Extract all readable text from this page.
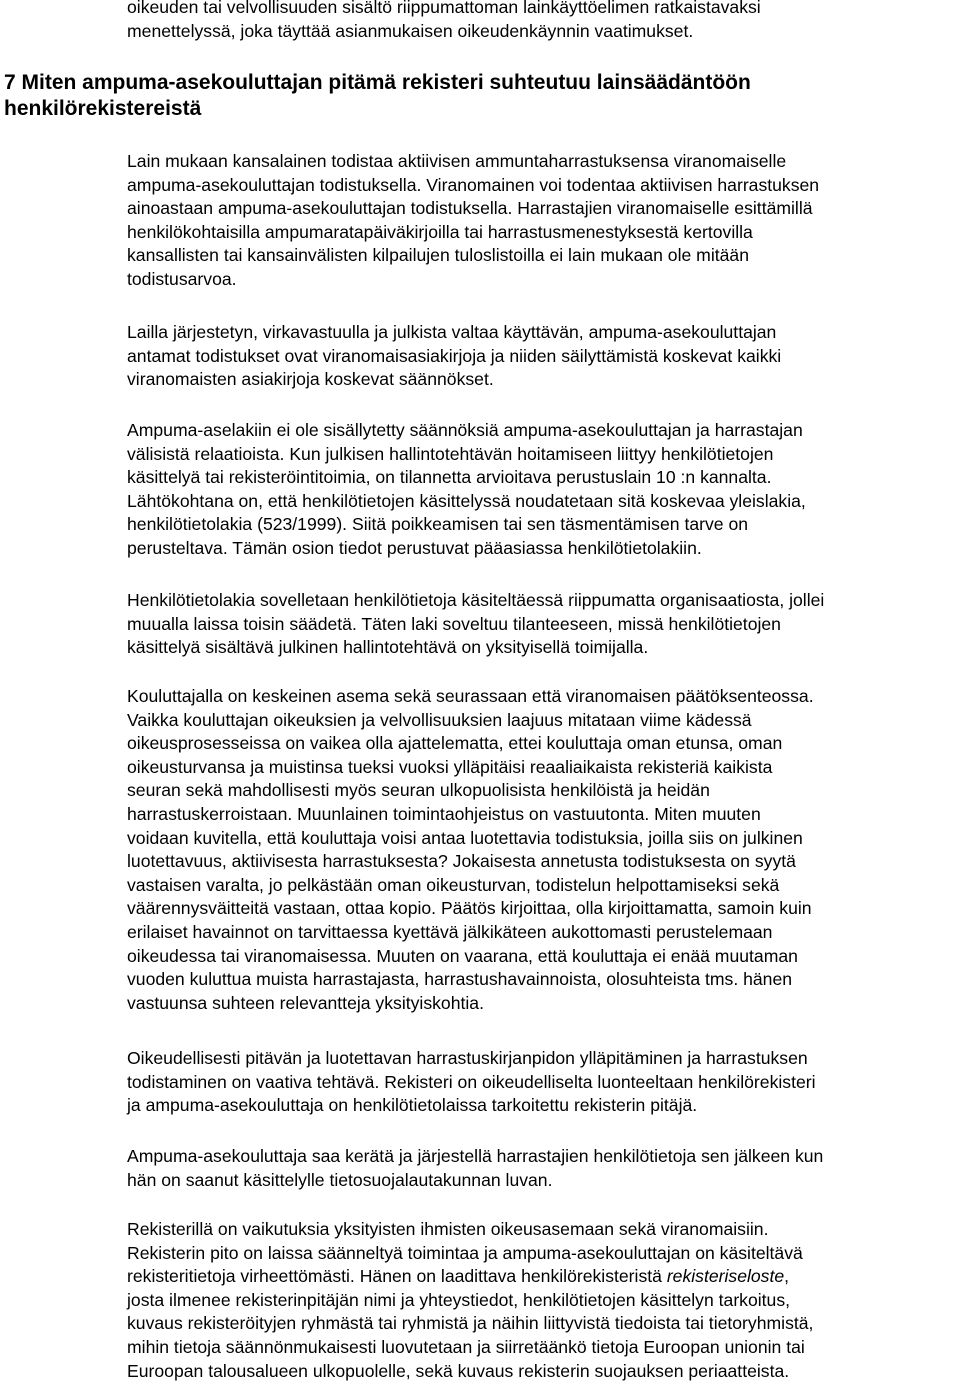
oikeuden tai velvollisuuden sisältö riippumattoman lainkäyttöelimen ratkaistavaksi
menettelyssä, joka täyttää asianmukaisen oikeudenkäynnin vaatimukset.
7 Miten ampuma-asekouluttajan pitämä rekisteri suhteutuu lainsäädäntöön
henkilörekistereistä
Lain mukaan kansalainen todistaa aktiivisen ammuntaharrastuksensa viranomaiselle
ampuma-asekouluttajan todistuksella. Viranomainen voi todentaa aktiivisen harrastuksen
ainoastaan ampuma-asekouluttajan todistuksella. Harrastajien viranomaiselle esittämillä
henkilökohtaisilla ampumaratapäiväkirjoilla tai harrastusmenestyksestä kertovilla
kansallisten tai kansainvälisten kilpailujen tuloslistoilla ei lain mukaan ole mitään
todistusarvoa.
Lailla järjestetyn, virkavastuulla ja julkista valtaa käyttävän, ampuma-asekouluttajan
antamat todistukset ovat viranomaisasiakirjoja ja niiden säilyttämistä koskevat kaikki
viranomaisten asiakirjoja koskevat säännökset.
Ampuma-aselakiin ei ole sisällytetty säännöksiä ampuma-asekouluttajan ja harrastajan
välisistä relaatioista. Kun julkisen hallintotehtävän hoitamiseen liittyy henkilötietojen
käsittelyä tai rekisteröintitoimia, on tilannetta arvioitava perustuslain 10 :n kannalta.
Lähtökohtana on, että henkilötietojen käsittelyssä noudatetaan sitä koskevaa yleislakia,
henkilötietolakia (523/1999). Siitä poikkeamisen tai sen täsmentämisen tarve on
perusteltava. Tämän osion tiedot perustuvat pääasiassa henkilötietolakiin.
Henkilötietolakia sovelletaan henkilötietoja käsiteltäessä riippumatta organisaatiosta, jollei
muualla laissa toisin säädetä. Täten laki soveltuu tilanteeseen, missä henkilötietojen
käsittelyä sisältävä julkinen hallintotehtävä on yksityisellä toimijalla.
Kouluttajalla on keskeinen asema sekä seurassaan että viranomaisen päätöksenteossa.
Vaikka kouluttajan oikeuksien ja velvollisuuksien laajuus mitataan viime kädessä
oikeusprosesseissa on vaikea olla ajattelematta, ettei kouluttaja oman etunsa, oman
oikeusturvansa ja muistinsa tueksi vuoksi ylläpitäisi reaaliaikaista rekisteriä kaikista
seuran sekä mahdollisesti myös seuran ulkopuolisista henkilöistä ja heidän
harrastuskerroistaan. Muunlainen toimintaohjeistus on vastuutonta. Miten muuten
voidaan kuvitella, että kouluttaja voisi antaa luotettavia todistuksia, joilla siis on julkinen
luotettavuus, aktiivisesta harrastuksesta? Jokaisesta annetusta todistuksesta on syytä
vastaisen varalta, jo pelkästään oman oikeusturvan, todistelun helpottamiseksi sekä
väärennysväitteitä vastaan, ottaa kopio. Päätös kirjoittaa, olla kirjoittamatta, samoin kuin
erilaiset havainnot on tarvittaessa kyettävä jälkikäteen aukottomasti perustelemaan
oikeudessa tai viranomaisessa. Muuten on vaarana, että kouluttaja ei enää muutaman
vuoden kuluttua muista harrastajasta, harrastushavainnoista, olosuhteista tms. hänen
vastuunsa suhteen relevantteja yksityiskohtia.
Oikeudellisesti pitävän ja luotettavan harrastuskirjanpidon ylläpitäminen ja harrastuksen
todistaminen on vaativa tehtävä. Rekisteri on oikeudelliselta luonteeltaan henkilörekisteri
ja ampuma-asekouluttaja on henkilötietolaissa tarkoitettu rekisterin pitäjä.
Ampuma-asekouluttaja saa kerätä ja järjestellä harrastajien henkilötietoja sen jälkeen kun
hän on saanut käsittelylle tietosuojalautakunnan luvan.
Rekisterillä on vaikutuksia yksityisten ihmisten oikeusasemaan sekä viranomaisiin.
Rekisterin pito on laissa säänneltyä toimintaa ja ampuma-asekouluttajan on käsiteltävä
rekisteritietoja virheettömästi. Hänen on laadittava henkilörekisteristä rekisteriseloste,
josta ilmenee rekisterinpitäjän nimi ja yhteystiedot, henkilötietojen käsittelyn tarkoitus,
kuvaus rekisteröityjen ryhmästä tai ryhmistä ja näihin liittyvistä tiedoista tai tietoryhmistä,
mihin tietoja säännönmukaisesti luovutetaan ja siirretäänkö tietoja Euroopan unionin tai
Euroopan talousalueen ulkopuolelle, sekä kuvaus rekisterin suojauksen periaatteista.
